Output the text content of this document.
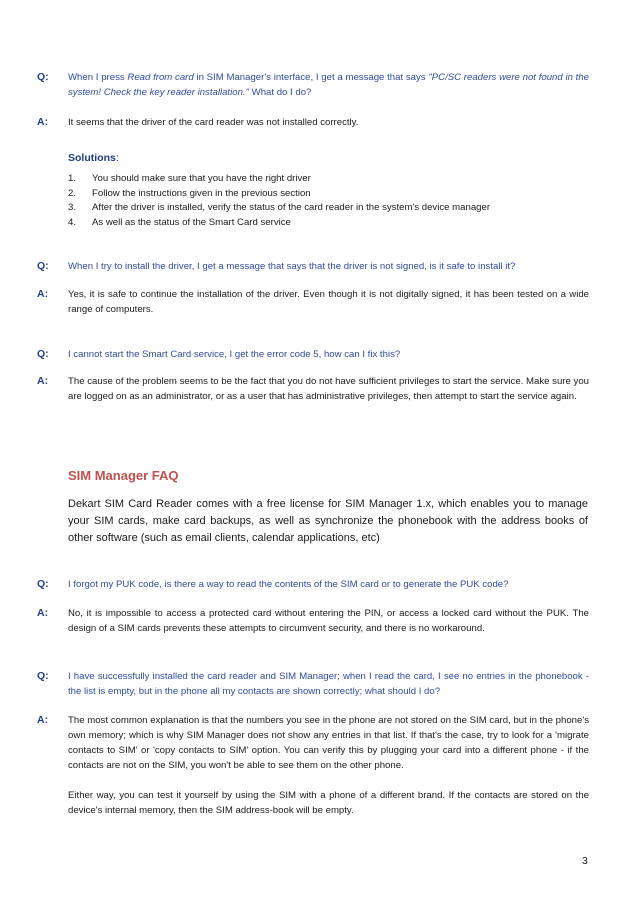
Q: When I press Read from card in SIM Manager's interface, I get a message that says "PC/SC readers were not found in the system! Check the key reader installation." What do I do?
A: It seems that the driver of the card reader was not installed correctly.
Solutions:
1. You should make sure that you have the right driver
2. Follow the instructions given in the previous section
3. After the driver is installed, verify the status of the card reader in the system's device manager
4. As well as the status of the Smart Card service
Q: When I try to install the driver, I get a message that says that the driver is not signed, is it safe to install it?
A: Yes, it is safe to continue the installation of the driver. Even though it is not digitally signed, it has been tested on a wide range of computers.
Q: I cannot start the Smart Card service, I get the error code 5, how can I fix this?
A: The cause of the problem seems to be the fact that you do not have sufficient privileges to start the service. Make sure you are logged on as an administrator, or as a user that has administrative privileges, then attempt to start the service again.
SIM Manager FAQ
Dekart SIM Card Reader comes with a free license for SIM Manager 1.x, which enables you to manage your SIM cards, make card backups, as well as synchronize the phonebook with the address books of other software (such as email clients, calendar applications, etc)
Q: I forgot my PUK code, is there a way to read the contents of the SIM card or to generate the PUK code?
A: No, it is impossible to access a protected card without entering the PIN, or access a locked card without the PUK. The design of a SIM cards prevents these attempts to circumvent security, and there is no workaround.
Q: I have successfully installed the card reader and SIM Manager; when I read the card, I see no entries in the phonebook - the list is empty, but in the phone all my contacts are shown correctly; what should I do?
A: The most common explanation is that the numbers you see in the phone are not stored on the SIM card, but in the phone's own memory; which is why SIM Manager does not show any entries in that list. If that's the case, try to look for a 'migrate contacts to SIM' or 'copy contacts to SIM' option. You can verify this by plugging your card into a different phone - if the contacts are not on the SIM, you won't be able to see them on the other phone.
Either way, you can test it yourself by using the SIM with a phone of a different brand. If the contacts are stored on the device's internal memory, then the SIM address-book will be empty.
3
